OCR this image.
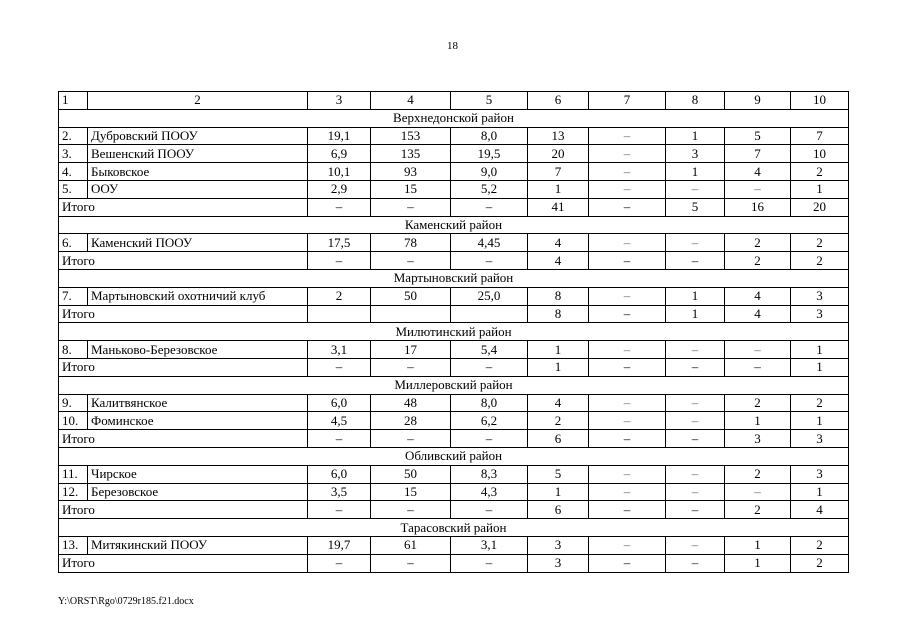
18
1	2	3	4	5	6	7	8	9	10
Верхнедонской район									
2.	Дубровский ПООУ	19,1	153	8,0	13	–	1	5	7
3.	Вешенский ПООУ	6,9	135	19,5	20	–	3	7	10
4.	Быковское	10,1	93	9,0	7	–	1	4	2
5.	ООУ	2,9	15	5,2	1	–	–	–	1
Итого		–	–	–	41	–	5	16	20
Каменский район									
6.	Каменский ПООУ	17,5	78	4,45	4	–	–	2	2
Итого		–	–	–	4	–	–	2	2
Мартыновский район									
7.	Мартыновский охотничий клуб	2	50	25,0	8	–	1	4	3
Итого					8	–	1	4	3
Милютинский район									
8.	Маньково-Березовское	3,1	17	5,4	1	–	–	–	1
Итого		–	–	–	1	–	–	–	1
Миллеровский район									
9.	Калитвянское	6,0	48	8,0	4	–	–	2	2
10.	Фоминское	4,5	28	6,2	2	–	–	1	1
Итого		–	–	–	6	–	–	3	3
Обливский район									
11.	Чирское	6,0	50	8,3	5	–	–	2	3
12.	Березовское	3,5	15	4,3	1	–	–	–	1
Итого		–	–	–	6	–	–	2	4
Тарасовский район									
13.	Митякинский ПООУ	19,7	61	3,1	3	–	–	1	2
Итого		–	–	–	3	–	–	1	2
Y:\ORST\Rgo\0729r185.f21.docx
